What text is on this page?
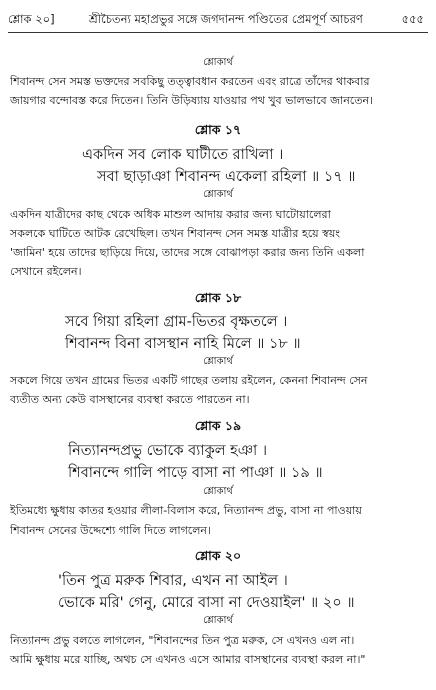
শ্লোক ২০]	শ্রীচৈতন্য মহাপ্রভুর সঙ্গে জগদানন্দ পণ্ডিতের প্রেমপূর্ণ আচরণ	৫৫৫
শ্লোকার্থ
শিবানন্দ সেন সমস্ত ভক্তদের সবকিছু তত্ত্বাবধান করতেন এবং রাত্রে তাঁদের থাকবার
জায়গার বন্দোবস্ত করে দিতেন। তিনি উড়িষ্যায় যাওয়ার পথ খুব ভালভাবে জানতেন।
শ্লোক ১৭
একদিন সব লোক ঘাটীতে রাখিলা ।
সবা ছাড়াঞা শিবানন্দ একেলা রহিলা ॥ ১৭ ॥
শ্লোকার্থ
একদিন যাত্রীদের কাছ থেকে অধিক মাশুল আদায় করার জন্য ঘাটোয়ালেরা
সকলকে ঘাটিতে আটক রেখেছিল। তখন শিবানন্দ সেন সমস্ত যাত্রীর হয়ে স্বয়ং
'জামিন' হয়ে তাদের ছাড়িয়ে দিয়ে, তাদের সঙ্গে বোঝাপড়া করার জন্য তিনি একলা
সেখানে রইলেন।
শ্লোক ১৮
সবে গিয়া রহিলা গ্রাম-ভিতর বৃক্ষতলে ।
শিবানন্দ বিনা বাসস্থান নাহি মিলে ॥ ১৮ ॥
শ্লোকার্থ
সকলে গিয়ে তখন গ্রামের ভিতর একটি গাছের তলায় রইলেন, কেননা শিবানন্দ সেন
ব্যতীত অন্য কেউ বাসস্থানের ব্যবস্থা করতে পারতেন না।
শ্লোক ১৯
নিত্যানন্দপ্রভু ভোকে ব্যাকুল হঞা ।
শিবানন্দে গালি পাড়ে বাসা না পাঞা ॥ ১৯ ॥
শ্লোকার্থ
ইতিমধ্যে ক্ষুধায় কাতর হওয়ার লীলা-বিলাস করে, নিত্যানন্দ প্রভু, বাসা না পাওয়ায়
শিবানন্দ সেনের উদ্দেশ্যে গালি দিতে লাগলেন।
শ্লোক ২০
'তিন পুত্র মরুক শিবার, এখন না আইল ।
ভোকে মরি' গেনু, মোরে বাসা না দেওয়াইল' ॥ ২০ ॥
শ্লোকার্থ
নিত্যানন্দ প্রভু বলতে লাগলেন, "শিবানন্দের তিন পুত্র মরুক, সে এখনও এল না।
আমি ক্ষুধায় মরে যাচ্ছি, অথচ সে এখনও এসে আমার বাসস্থানের ব্যবস্থা করল না।"
